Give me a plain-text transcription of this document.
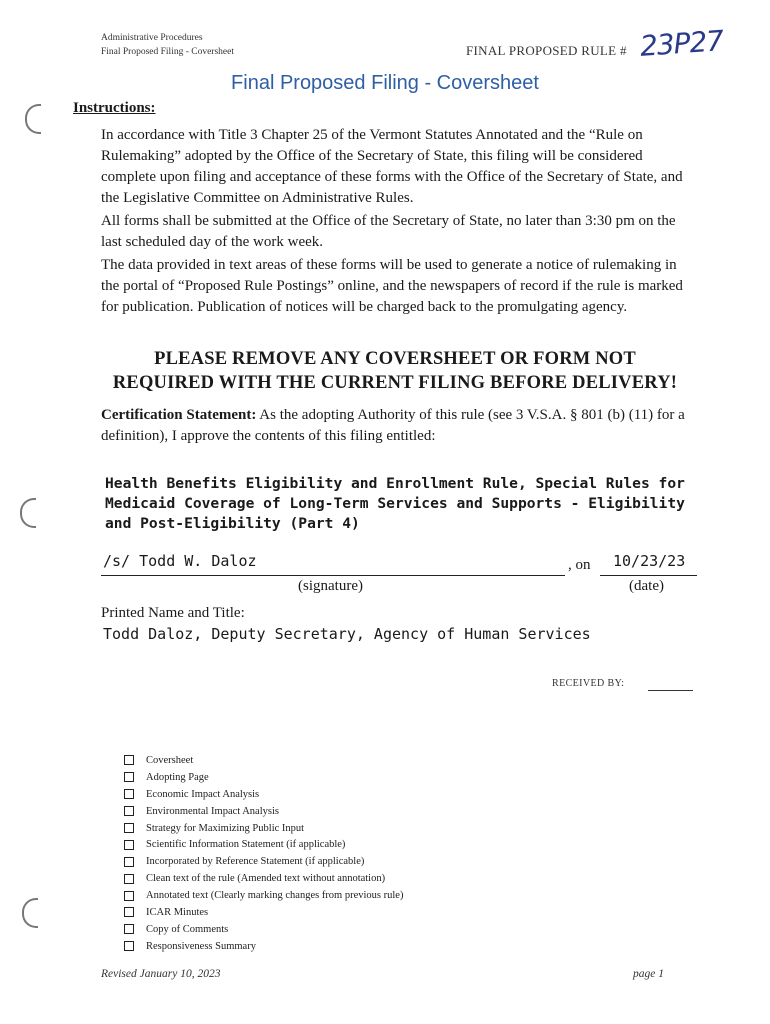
Administrative Procedures
Final Proposed Filing - Coversheet	FINAL PROPOSED RULE # 23P27
Final Proposed Filing - Coversheet
Instructions:
In accordance with Title 3 Chapter 25 of the Vermont Statutes Annotated and the “Rule on Rulemaking” adopted by the Office of the Secretary of State, this filing will be considered complete upon filing and acceptance of these forms with the Office of the Secretary of State, and the Legislative Committee on Administrative Rules.
All forms shall be submitted at the Office of the Secretary of State, no later than 3:30 pm on the last scheduled day of the work week.
The data provided in text areas of these forms will be used to generate a notice of rulemaking in the portal of “Proposed Rule Postings” online, and the newspapers of record if the rule is marked for publication. Publication of notices will be charged back to the promulgating agency.
PLEASE REMOVE ANY COVERSHEET OR FORM NOT
REQUIRED WITH THE CURRENT FILING BEFORE DELIVERY!
Certification Statement: As the adopting Authority of this rule (see 3 V.S.A. § 801 (b) (11) for a definition), I approve the contents of this filing entitled:
Health Benefits Eligibility and Enrollment Rule, Special Rules for Medicaid Coverage of Long-Term Services and Supports - Eligibility and Post-Eligibility (Part 4)
/s/ Todd W. Daloz	, on 10/23/23
(signature)	(date)
Printed Name and Title:
Todd Daloz, Deputy Secretary, Agency of Human Services
RECEIVED BY:
Coversheet
Adopting Page
Economic Impact Analysis
Environmental Impact Analysis
Strategy for Maximizing Public Input
Scientific Information Statement (if applicable)
Incorporated by Reference Statement (if applicable)
Clean text of the rule (Amended text without annotation)
Annotated text (Clearly marking changes from previous rule)
ICAR Minutes
Copy of Comments
Responsiveness Summary
Revised January 10, 2023	page 1
